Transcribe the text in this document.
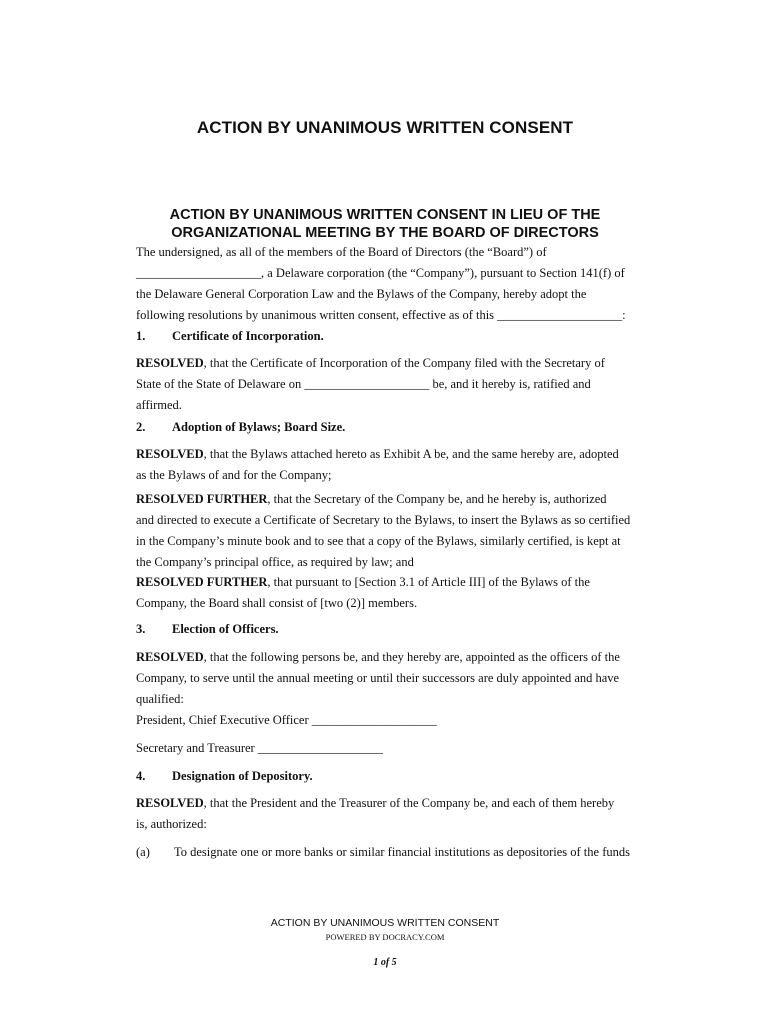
ACTION BY UNANIMOUS WRITTEN CONSENT
ACTION BY UNANIMOUS WRITTEN CONSENT IN LIEU OF THE
ORGANIZATIONAL MEETING BY THE BOARD OF DIRECTORS

The undersigned, as all of the members of the Board of Directors (the “Board”) of
____________________, a Delaware corporation (the “Company”), pursuant to Section 141(f) of
the Delaware General Corporation Law and the Bylaws of the Company, hereby adopt the
following resolutions by unanimous written consent, effective as of this ____________________:

1. Certificate of Incorporation.

RESOLVED, that the Certificate of Incorporation of the Company filed with the Secretary of
State of the State of Delaware on ____________________ be, and it hereby is, ratified and
affirmed.

2. Adoption of Bylaws; Board Size.

RESOLVED, that the Bylaws attached hereto as Exhibit A be, and the same hereby are, adopted
as the Bylaws of and for the Company;

RESOLVED FURTHER, that the Secretary of the Company be, and he hereby is, authorized
and directed to execute a Certificate of Secretary to the Bylaws, to insert the Bylaws as so certified
in the Company’s minute book and to see that a copy of the Bylaws, similarly certified, is kept at
the Company’s principal office, as required by law; and

RESOLVED FURTHER, that pursuant to [Section 3.1 of Article III] of the Bylaws of the
Company, the Board shall consist of [two (2)] members.

3. Election of Officers.

RESOLVED, that the following persons be, and they hereby are, appointed as the officers of the
Company, to serve until the annual meeting or until their successors are duly appointed and have
qualified:

President, Chief Executive Officer ____________________

Secretary and Treasurer ____________________

4. Designation of Depository.

RESOLVED, that the President and the Treasurer of the Company be, and each of them hereby
is, authorized:

(a) To designate one or more banks or similar financial institutions as depositories of the funds
ACTION BY UNANIMOUS WRITTEN CONSENT
POWERED BY DOCRACY.COM
1 of 5
